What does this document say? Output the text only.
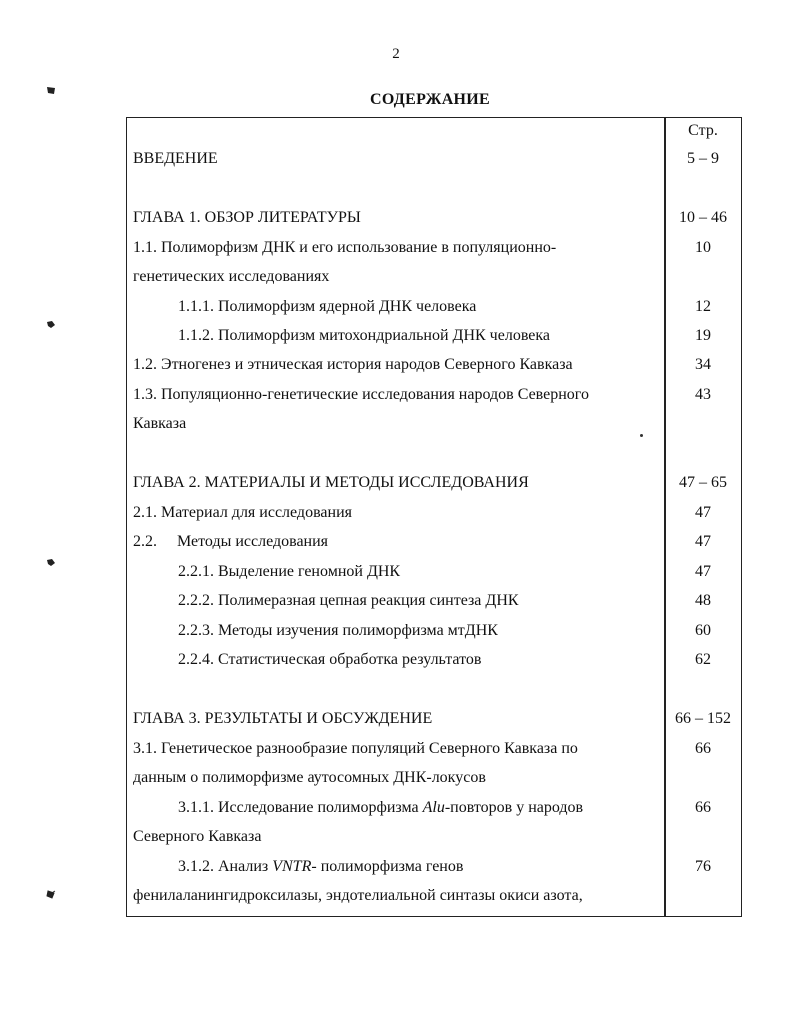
2
СОДЕРЖАНИЕ
Стр.
ВВЕДЕНИЕ	5 – 9
ГЛАВА 1. ОБЗОР ЛИТЕРАТУРЫ	10 – 46
1.1. Полиморфизм ДНК и его использование в популяционно-	10
генетических исследованиях
1.1.1. Полиморфизм ядерной ДНК человека	12
1.1.2. Полиморфизм митохондриальной ДНК человека	19
1.2. Этногенез и этническая история народов Северного Кавказа	34
1.3. Популяционно-генетические исследования народов Северного	43
Кавказа
ГЛАВА 2. МАТЕРИАЛЫ И МЕТОДЫ ИССЛЕДОВАНИЯ	47 – 65
2.1. Материал для исследования	47
2.2.     Методы исследования	47
2.2.1. Выделение геномной ДНК	47
2.2.2. Полимеразная цепная реакция синтеза ДНК	48
2.2.3. Методы изучения полиморфизма мтДНК	60
2.2.4. Статистическая обработка результатов	62
ГЛАВА 3. РЕЗУЛЬТАТЫ И ОБСУЖДЕНИЕ	66 – 152
3.1. Генетическое разнообразие популяций Северного Кавказа по	66
данным о полиморфизме аутосомных ДНК-локусов
3.1.1. Исследование полиморфизма Alu-повторов у народов	66
Северного Кавказа
3.1.2. Анализ VNTR- полиморфизма генов	76
фенилаланингидроксилазы, эндотелиальной синтазы окиси азота,
